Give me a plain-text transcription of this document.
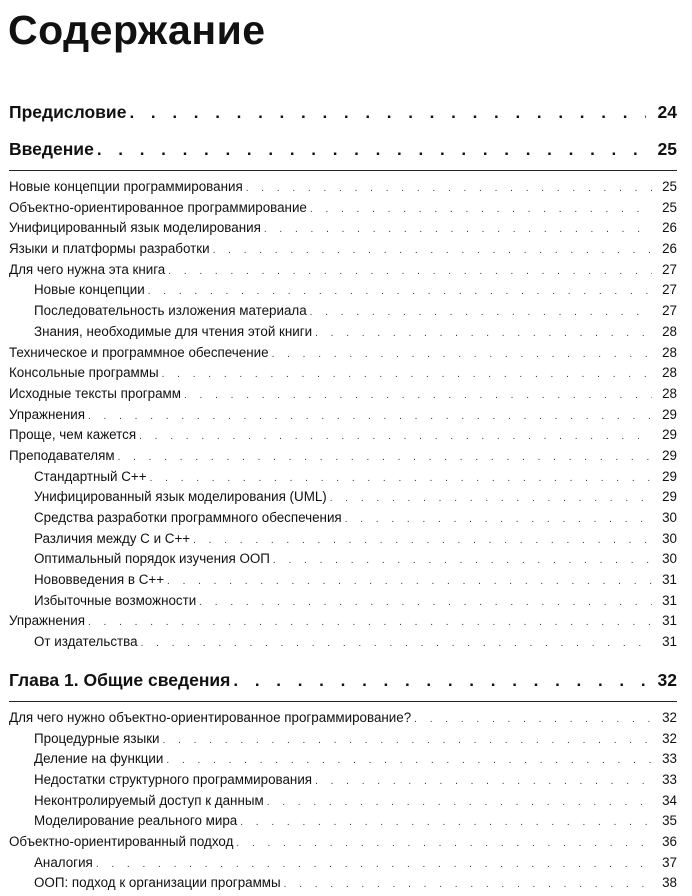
Содержание
Предисловие . . .	24
Введение . . .	25
Новые концепции программирования . . .	25
Объектно-ориентированное программирование . . .	25
Унифицированный язык моделирования . . .	26
Языки и платформы разработки . . .	26
Для чего нужна эта книга . . .	27
Новые концепции . . .	27
Последовательность изложения материала . . .	27
Знания, необходимые для чтения этой книги . . .	28
Техническое и программное обеспечение . . .	28
Консольные программы . . .	28
Исходные тексты программ . . .	28
Упражнения . . .	29
Проще, чем кажется . . .	29
Преподавателям . . .	29
Стандартный С++ . . .	29
Унифицированный язык моделирования (UML) . . .	29
Средства разработки программного обеспечения . . .	30
Различия между С и С++ . . .	30
Оптимальный порядок изучения ООП . . .	30
Нововведения в С++ . . .	31
Избыточные возможности . . .	31
Упражнения . . .	31
От издательства . . .	31
Глава 1. Общие сведения . . .	32
Для чего нужно объектно-ориентированное программирование? . . .	32
Процедурные языки . . .	32
Деление на функции . . .	33
Недостатки структурного программирования . . .	33
Неконтролируемый доступ к данным . . .	34
Моделирование реального мира . . .	35
Объектно-ориентированный подход . . .	36
Аналогия . . .	37
ООП: подход к организации программы . . .	38
